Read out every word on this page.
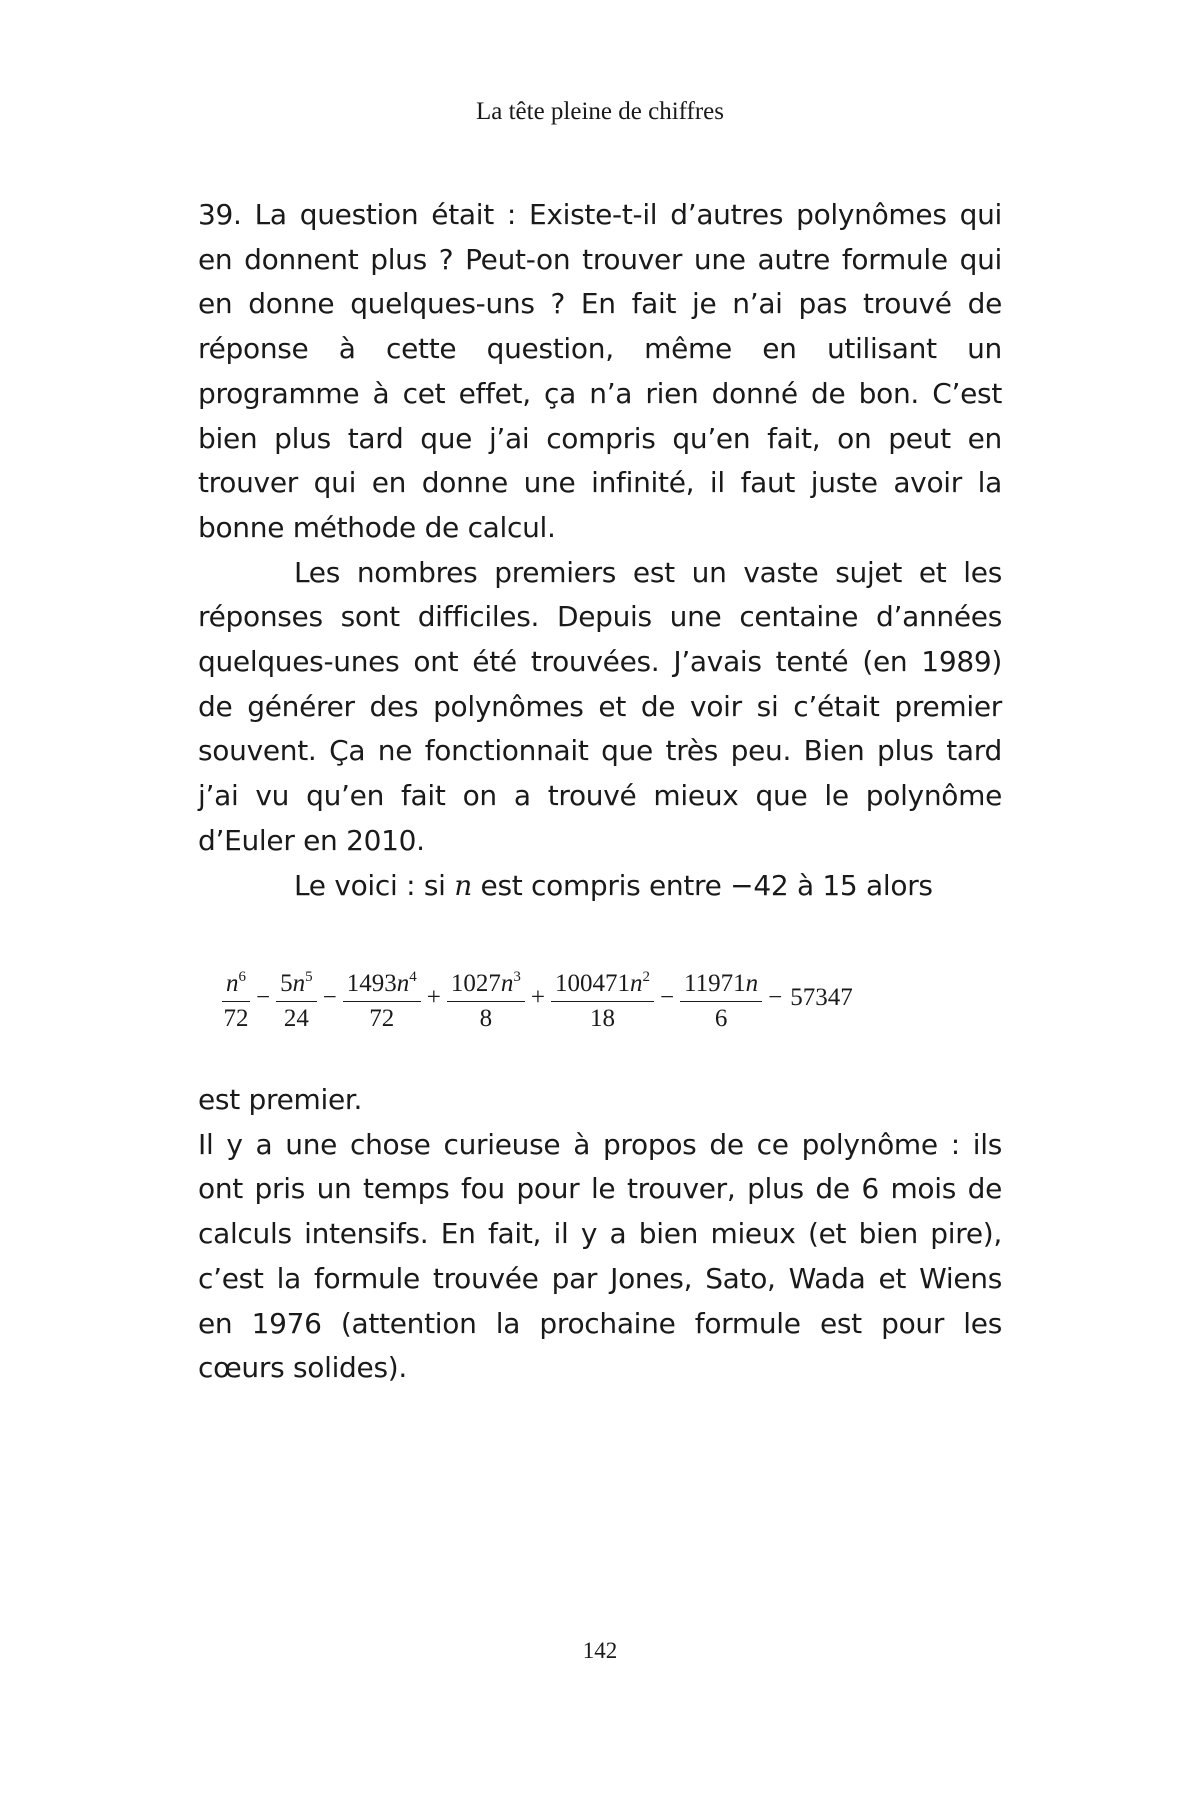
La tête pleine de chiffres

39. La question était : Existe-t-il d’autres polynômes qui en donnent plus ? Peut-on trouver une autre formule qui en donne quelques-uns ? En fait je n’ai pas trouvé de réponse à cette question, même en utilisant un programme à cet effet, ça n’a rien donné de bon. C’est bien plus tard que j’ai compris qu’en fait, on peut en trouver qui en donne une infinité, il faut juste avoir la bonne méthode de calcul.

Les nombres premiers est un vaste sujet et les réponses sont difficiles. Depuis une centaine d’années quelques-unes ont été trouvées. J’avais tenté (en 1989) de générer des polynômes et de voir si c’était premier souvent. Ça ne fonctionnait que très peu. Bien plus tard j’ai vu qu’en fait on a trouvé mieux que le polynôme d’Euler en 2010.

Le voici : si n est compris entre −42 à 15 alors

$\frac{n^6}{72} - \frac{5n^5}{24} - \frac{1493n^4}{72} + \frac{1027n^3}{8} + \frac{100471n^2}{18} - \frac{11971n}{6} - 57347$

est premier.

Il y a une chose curieuse à propos de ce polynôme : ils ont pris un temps fou pour le trouver, plus de 6 mois de calculs intensifs. En fait, il y a bien mieux (et bien pire), c’est la formule trouvée par Jones, Sato, Wada et Wiens en 1976 (attention la prochaine formule est pour les cœurs solides).

142
